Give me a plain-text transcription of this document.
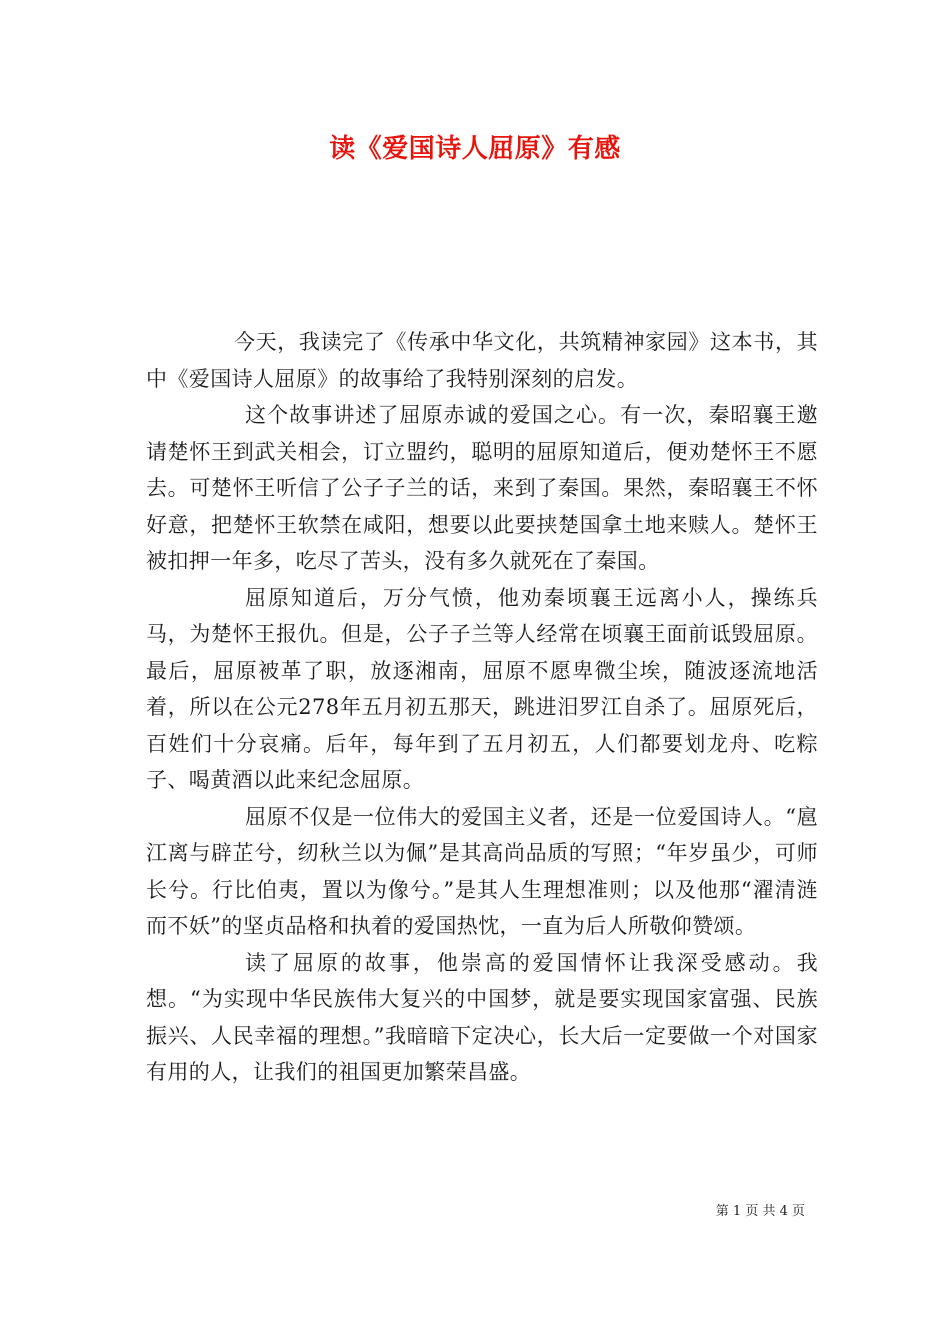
读《爱国诗人屈原》有感

今天，我读完了《传承中华文化，共筑精神家园》这本书，其中《爱国诗人屈原》的故事给了我特别深刻的启发。

这个故事讲述了屈原赤诚的爱国之心。有一次，秦昭襄王邀请楚怀王到武关相会，订立盟约，聪明的屈原知道后，便劝楚怀王不愿去。可楚怀王听信了公子子兰的话，来到了秦国。果然，秦昭襄王不怀好意，把楚怀王软禁在咸阳，想要以此要挟楚国拿土地来赎人。楚怀王被扣押一年多，吃尽了苦头，没有多久就死在了秦国。

屈原知道后，万分气愤，他劝秦顷襄王远离小人，操练兵马，为楚怀王报仇。但是，公子子兰等人经常在顷襄王面前诋毁屈原。最后，屈原被革了职，放逐湘南，屈原不愿卑微尘埃，随波逐流地活着，所以在公元278年五月初五那天，跳进汨罗江自杀了。屈原死后，百姓们十分哀痛。后年，每年到了五月初五，人们都要划龙舟、吃粽子、喝黄酒以此来纪念屈原。

屈原不仅是一位伟大的爱国主义者，还是一位爱国诗人。“扈江离与辟芷兮，纫秋兰以为佩”是其高尚品质的写照；“年岁虽少，可师长兮。行比伯夷，置以为像兮。”是其人生理想准则；以及他那“濯清涟而不妖”的坚贞品格和执着的爱国热忱，一直为后人所敬仰赞颂。

读了屈原的故事，他崇高的爱国情怀让我深受感动。我想。“为实现中华民族伟大复兴的中国梦，就是要实现国家富强、民族振兴、人民幸福的理想。”我暗暗下定决心，长大后一定要做一个对国家有用的人，让我们的祖国更加繁荣昌盛。

第 1 页 共 4 页
